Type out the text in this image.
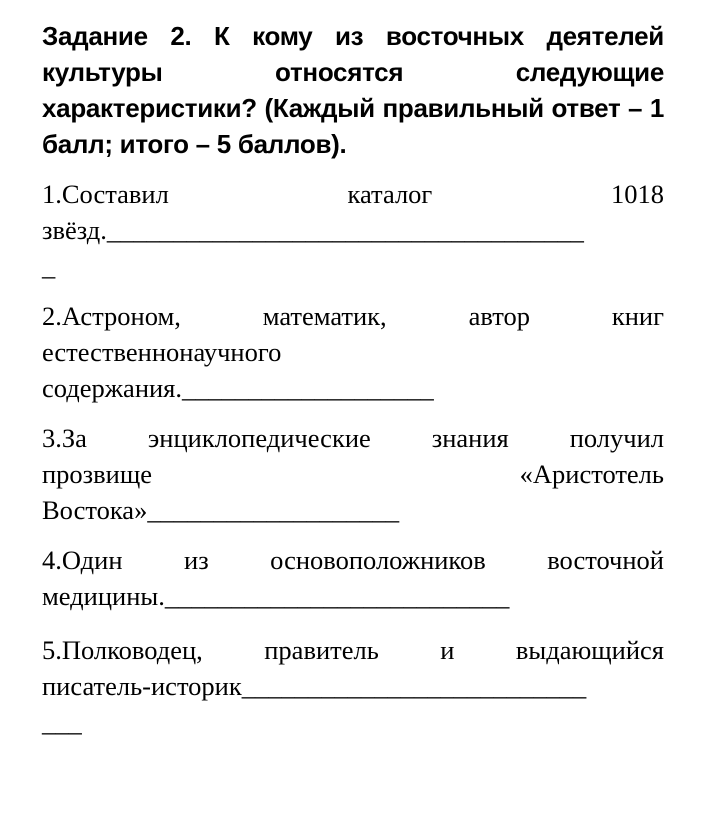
Задание 2. К кому из восточных деятелей культуры относятся следующие характеристики? (Каждый правильный ответ – 1 балл; итого – 5 баллов).

1.Составил	каталог	1018
звёзд.____________________________________
_
2.Астроном,	математик,	автор	книг
естественнонаучного
содержания.___________________
3.За энциклопедические знания получил
прозвище	«Аристотель
Востока»___________________
4.Один из основоположников восточной
медицины.__________________________
5.Полководец, правитель и выдающийся
писатель-историк__________________________
___
